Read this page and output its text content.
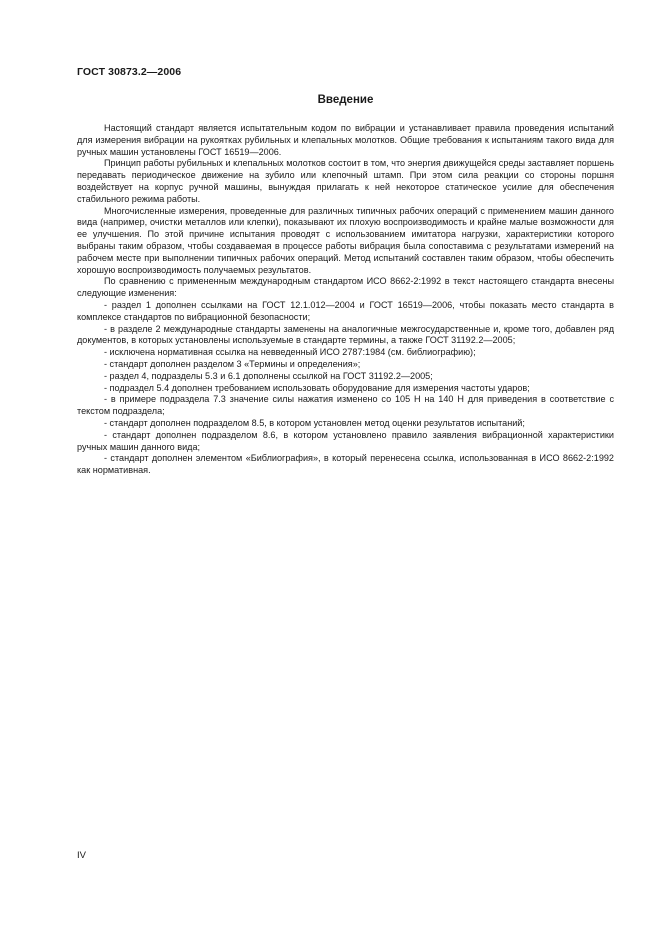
ГОСТ 30873.2—2006
Введение

Настоящий стандарт является испытательным кодом по вибрации и устанавливает правила проведения испытаний для измерения вибрации на рукоятках рубильных и клепальных молотков. Общие требования к испытаниям такого вида для ручных машин установлены ГОСТ 16519—2006.

Принцип работы рубильных и клепальных молотков состоит в том, что энергия движущейся среды заставляет поршень передавать периодическое движение на зубило или клепочный штамп. При этом сила реакции со стороны поршня воздействует на корпус ручной машины, вынуждая прилагать к ней некоторое статическое усилие для обеспечения стабильного режима работы.

Многочисленные измерения, проведенные для различных типичных рабочих операций с применением машин данного вида (например, очистки металлов или клепки), показывают их плохую воспроизводимость и крайне малые возможности для ее улучшения. По этой причине испытания проводят с использованием имитатора нагрузки, характеристики которого выбраны таким образом, чтобы создаваемая в процессе работы вибрация была сопоставима с результатами измерений на рабочем месте при выполнении типичных рабочих операций. Метод испытаний составлен таким образом, чтобы обеспечить хорошую воспроизводимость получаемых результатов.

По сравнению с примененным международным стандартом ИСО 8662-2:1992 в текст настоящего стандарта внесены следующие изменения:

- раздел 1 дополнен ссылками на ГОСТ 12.1.012—2004 и ГОСТ 16519—2006, чтобы показать место стандарта в комплексе стандартов по вибрационной безопасности;

- в разделе 2 международные стандарты заменены на аналогичные межгосударственные и, кроме того, добавлен ряд документов, в которых установлены используемые в стандарте термины, а также ГОСТ 31192.2—2005;

- исключена нормативная ссылка на невведенный ИСО 2787:1984 (см. библиографию);

- стандарт дополнен разделом 3 «Термины и определения»;

- раздел 4, подразделы 5.3 и 6.1 дополнены ссылкой на ГОСТ 31192.2—2005;

- подраздел 5.4 дополнен требованием использовать оборудование для измерения частоты ударов;

- в примере подраздела 7.3 значение силы нажатия изменено со 105 Н на 140 Н для приведения в соответствие с текстом подраздела;

- стандарт дополнен подразделом 8.5, в котором установлен метод оценки результатов испытаний;

- стандарт дополнен подразделом 8.6, в котором установлено правило заявления вибрационной характеристики ручных машин данного вида;

- стандарт дополнен элементом «Библиография», в который перенесена ссылка, использованная в ИСО 8662-2:1992 как нормативная.

IV
